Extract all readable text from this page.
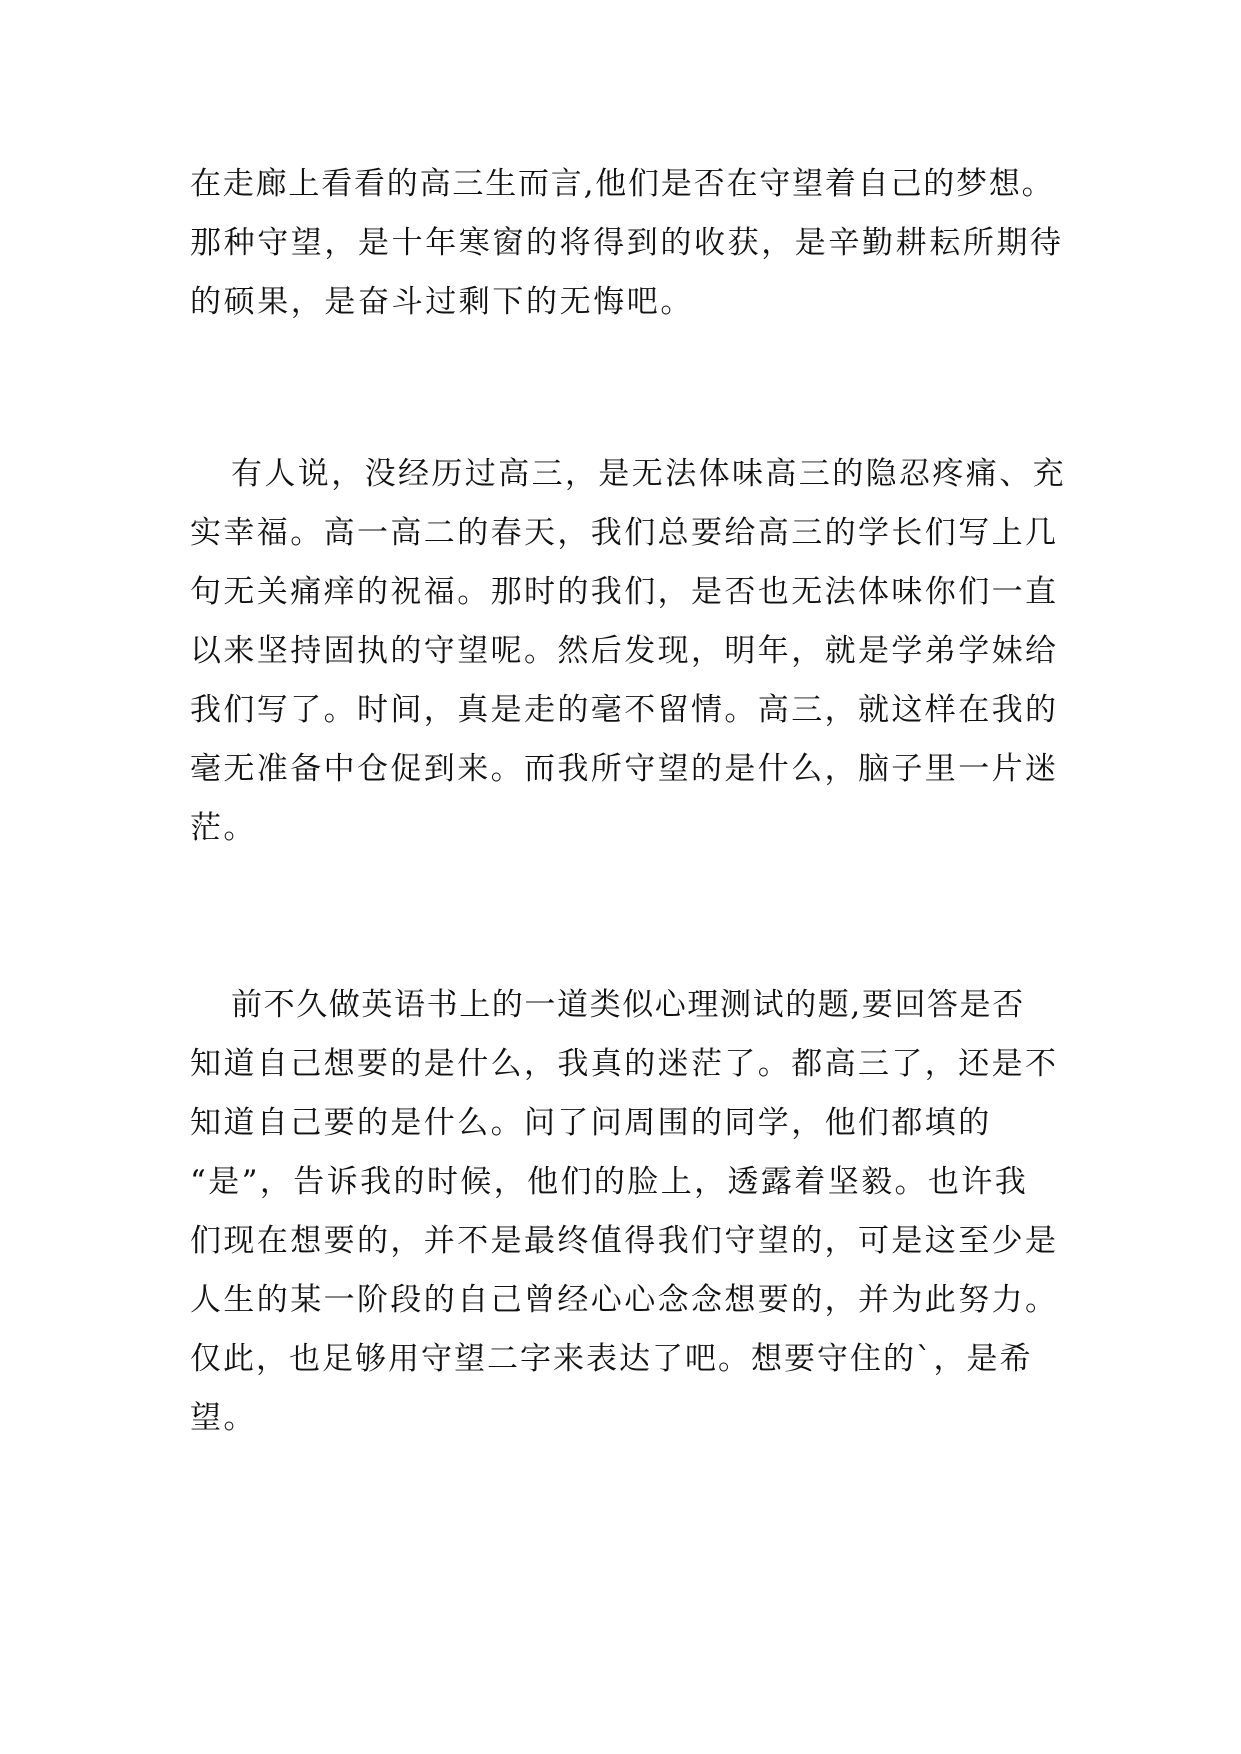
在走廊上看看的高三生而言,他们是否在守望着自己的梦想。
那种守望，是十年寒窗的将得到的收获，是辛勤耕耘所期待
的硕果，是奋斗过剩下的无悔吧。
有人说，没经历过高三，是无法体味高三的隐忍疼痛、充
实幸福。高一高二的春天，我们总要给高三的学长们写上几
句无关痛痒的祝福。那时的我们，是否也无法体味你们一直
以来坚持固执的守望呢。然后发现，明年，就是学弟学妹给
我们写了。时间，真是走的毫不留情。高三，就这样在我的
毫无准备中仓促到来。而我所守望的是什么，脑子里一片迷
茫。
前不久做英语书上的一道类似心理测试的题,要回答是否
知道自己想要的是什么，我真的迷茫了。都高三了，还是不
知道自己要的是什么。问了问周围的同学，他们都填的
“是”，告诉我的时候，他们的脸上，透露着坚毅。也许我
们现在想要的，并不是最终值得我们守望的，可是这至少是
人生的某一阶段的自己曾经心心念念想要的，并为此努力。
仅此，也足够用守望二字来表达了吧。想要守住的`，是希
望。
